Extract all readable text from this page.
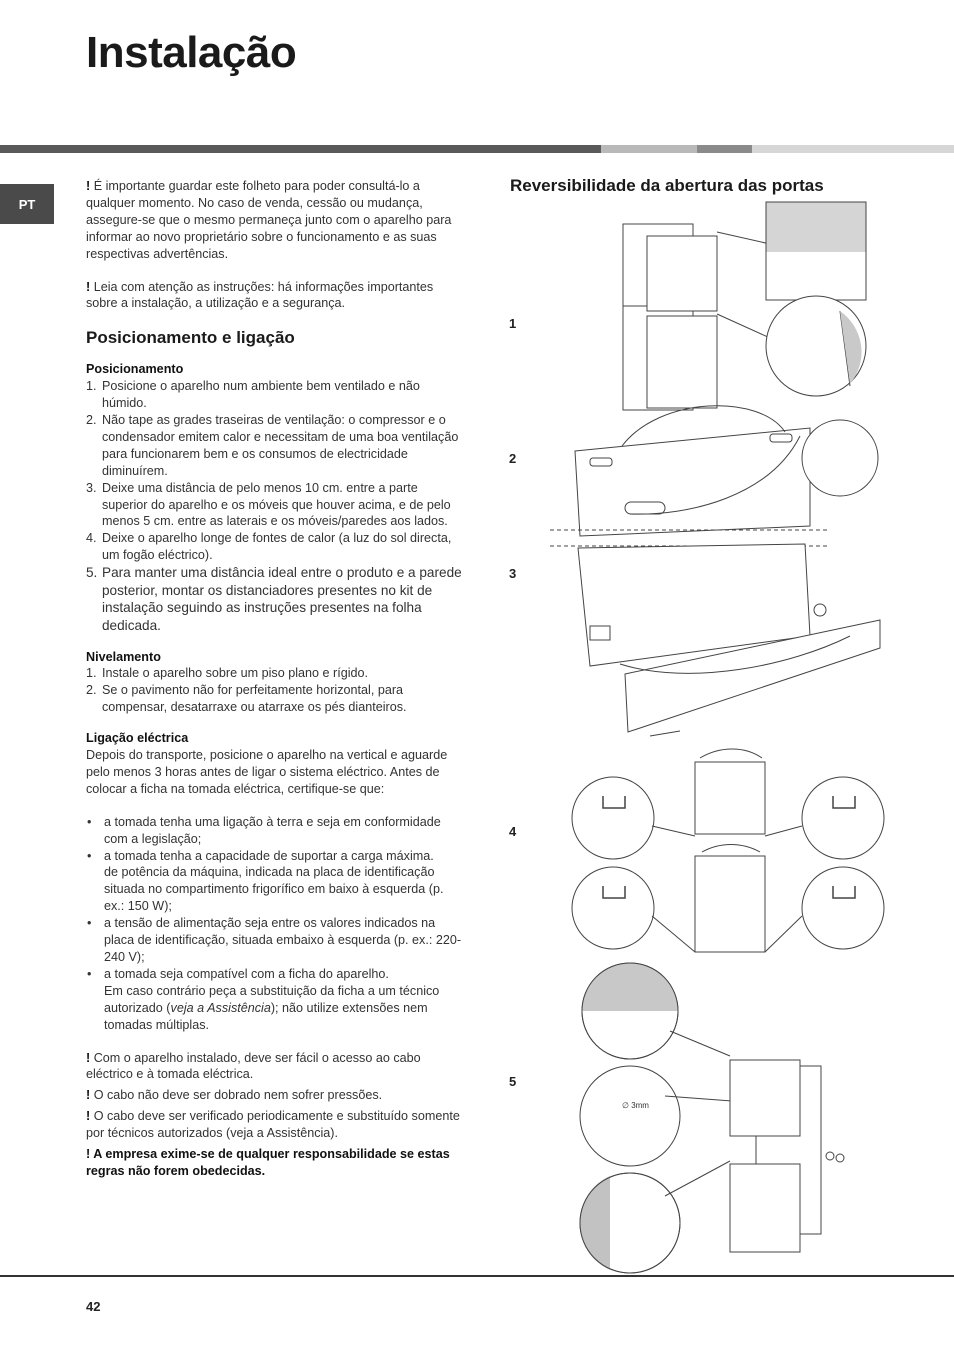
Instalação
PT

! É importante guardar este folheto para poder consultá-lo a qualquer momento. No caso de venda, cessão ou mudança, assegure-se que o mesmo permaneça junto com o aparelho para informar ao novo proprietário sobre o funcionamento e as suas respectivas advertências.

! Leia com atenção as instruções: há informações importantes sobre a instalação, a utilização e a segurança.

Posicionamento e ligação
Posicionamento
1. Posicione o aparelho num ambiente bem ventilado e não húmido.
2. Não tape as grades traseiras de ventilação: o compressor e o condensador emitem calor e necessitam de uma boa ventilação para funcionarem bem e os consumos de electricidade diminuírem.
3. Deixe uma distância de pelo menos 10 cm. entre a parte superior do aparelho e os móveis que houver acima, e de pelo menos 5 cm. entre as laterais e os móveis/paredes aos lados.
4. Deixe o aparelho longe de fontes de calor (a luz do sol directa, um fogão eléctrico).
5. Para manter uma distância ideal entre o produto e a parede posterior, montar os distanciadores presentes no kit de instalação seguindo as instruções presentes na folha dedicada.
Nivelamento
1. Instale o aparelho sobre um piso plano e rígido.
2. Se o pavimento não for perfeitamente horizontal, para compensar, desatarraxe ou atarraxe os pés dianteiros.
Ligação eléctrica

Depois do transporte, posicione o aparelho na vertical e aguarde pelo menos 3 horas antes de ligar o sistema eléctrico. Antes de colocar a ficha na tomada eléctrica, certifique-se que:

• a tomada tenha uma ligação à terra e seja em conformidade com a legislação;
• a tomada tenha a capacidade de suportar a carga máxima.
de potência da máquina, indicada na placa de identificação situada no compartimento frigorífico em baixo à esquerda (p. ex.: 150 W);
• a tensão de alimentação seja entre os valores indicados na placa de identificação, situada embaixo à esquerda (p. ex.: 220-240 V);
• a tomada seja compatível com a ficha do aparelho.
Em caso contrário peça a substituição da ficha a um técnico autorizado (veja a Assistência); não utilize extensões nem tomadas múltiplas.

! Com o aparelho instalado, deve ser fácil o acesso ao cabo eléctrico e à tomada eléctrica.

! O cabo não deve ser dobrado nem sofrer pressões.

! O cabo deve ser verificado periodicamente e substituído somente por técnicos autorizados (veja a Assistência).

! A empresa exime-se de qualquer responsabilidade se estas regras não forem obedecidas.

Reversibilidade da abertura das portas
1
2
3
4
5
∅ 3mm
42
